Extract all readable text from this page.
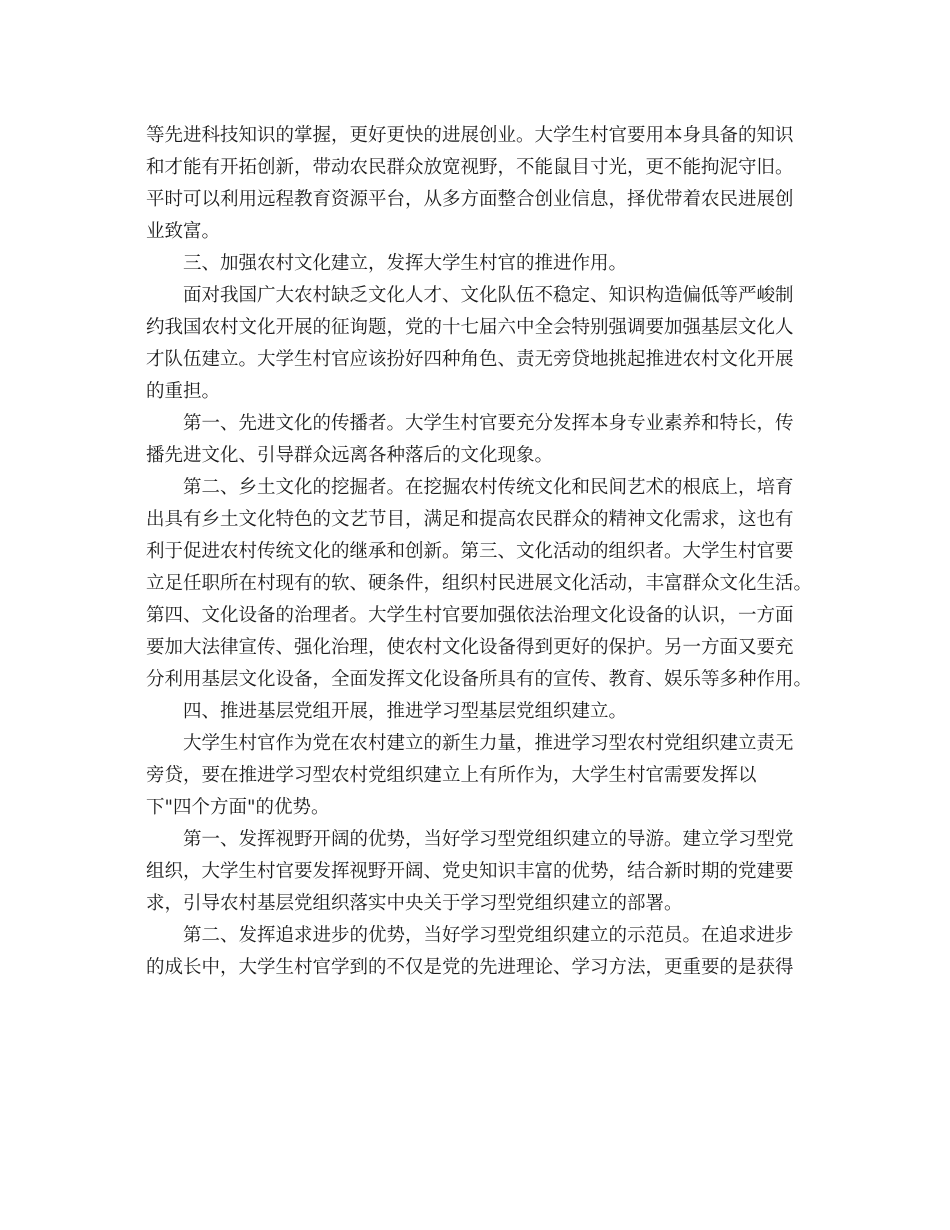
等先进科技知识的掌握，更好更快的进展创业。大学生村官要用本身具备的知识
和才能有开拓创新，带动农民群众放宽视野，不能鼠目寸光，更不能拘泥守旧。
平时可以利用远程教育资源平台，从多方面整合创业信息，择优带着农民进展创
业致富。
三、加强农村文化建立，发挥大学生村官的推进作用。
面对我国广大农村缺乏文化人才、文化队伍不稳定、知识构造偏低等严峻制
约我国农村文化开展的征询题，党的十七届六中全会特别强调要加强基层文化人
才队伍建立。大学生村官应该扮好四种角色、责无旁贷地挑起推进农村文化开展
的重担。
第一、先进文化的传播者。大学生村官要充分发挥本身专业素养和特长，传
播先进文化、引导群众远离各种落后的文化现象。
第二、乡土文化的挖掘者。在挖掘农村传统文化和民间艺术的根底上，培育
出具有乡土文化特色的文艺节目，满足和提高农民群众的精神文化需求，这也有
利于促进农村传统文化的继承和创新。第三、文化活动的组织者。大学生村官要
立足任职所在村现有的软、硬条件，组织村民进展文化活动，丰富群众文化生活。
第四、文化设备的治理者。大学生村官要加强依法治理文化设备的认识，一方面
要加大法律宣传、强化治理，使农村文化设备得到更好的保护。另一方面又要充
分利用基层文化设备，全面发挥文化设备所具有的宣传、教育、娱乐等多种作用。
四、推进基层党组开展，推进学习型基层党组织建立。
大学生村官作为党在农村建立的新生力量，推进学习型农村党组织建立责无
旁贷，要在推进学习型农村党组织建立上有所作为，大学生村官需要发挥以
下"四个方面"的优势。
第一、发挥视野开阔的优势，当好学习型党组织建立的导游。建立学习型党
组织，大学生村官要发挥视野开阔、党史知识丰富的优势，结合新时期的党建要
求，引导农村基层党组织落实中央关于学习型党组织建立的部署。
第二、发挥追求进步的优势，当好学习型党组织建立的示范员。在追求进步
的成长中，大学生村官学到的不仅是党的先进理论、学习方法，更重要的是获得
